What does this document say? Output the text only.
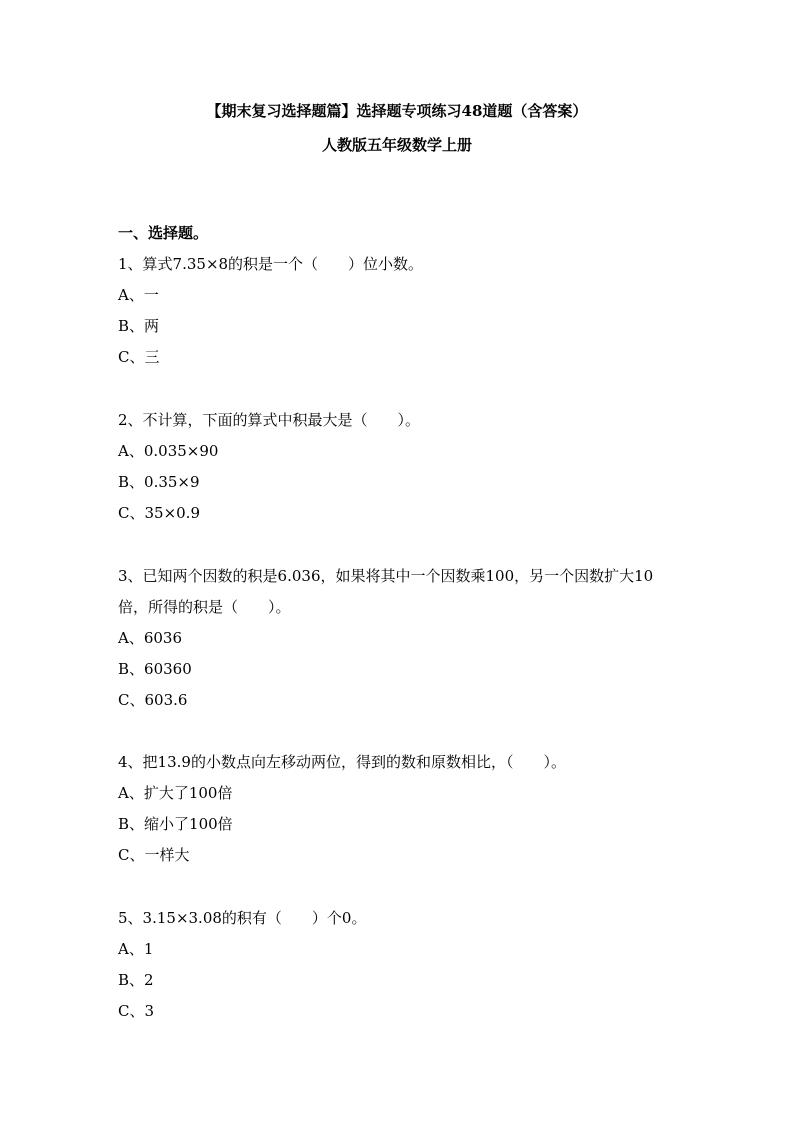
【期末复习选择题篇】选择题专项练习48道题（含答案）
人教版五年级数学上册
一、选择题。
1、算式7.35×8的积是一个（　　）位小数。
A、一
B、两
C、三
2、不计算，下面的算式中积最大是（　　）。
A、0.035×90
B、0.35×9
C、35×0.9
3、已知两个因数的积是6.036，如果将其中一个因数乘100，另一个因数扩大10
倍，所得的积是（　　）。
A、6036
B、60360
C、603.6
4、把13.9的小数点向左移动两位，得到的数和原数相比，（　　）。
A、扩大了100倍
B、缩小了100倍
C、一样大
5、3.15×3.08的积有（　　）个0。
A、1
B、2
C、3
